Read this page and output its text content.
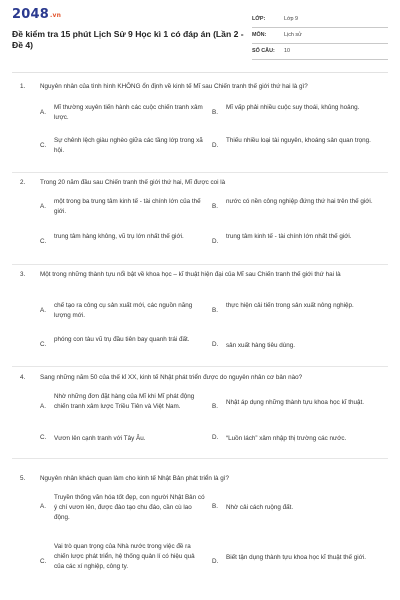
2048.vn
Đề kiểm tra 15 phút Lịch Sử 9 Học kì 1 có đáp án (Lần 2 - Đề 4)
LỚP:	Lớp 9
MÔN:	Lịch sử
SỐ CÂU: 10
1. Nguyên nhân của tình hình KHÔNG ổn định về kinh tế Mĩ sau Chiến tranh thế giới thứ hai là gì?
A.
Mĩ thường xuyên tiến hành các cuộc chiến tranh xâm lược.
B.
Mĩ vấp phải nhiều cuộc suy thoái, khủng hoảng.
C.
Sự chênh lệch giàu nghèo giữa các tầng lớp trong xã hội.
D.
Thiếu nhiều loại tài nguyên, khoáng sản quan trọng.
2. Trong 20 năm đầu sau Chiến tranh thế giới thứ hai, Mĩ được coi là
A.
một trong ba trung tâm kinh tế - tài chính lớn của thế giới.
B.
nước có nền công nghiệp đứng thứ hai trên thế giới.
C.
trung tâm hàng không, vũ trụ lớn nhất thế giới.
D.
trung tâm kinh tế - tài chính lớn nhất thế giới.
3. Một trong những thành tựu nổi bật về khoa học – kĩ thuật hiện đại của Mĩ sau Chiến tranh thế giới thứ hai là
A.
chế tạo ra công cụ sản xuất mới, các nguồn năng lượng mới.
B.
thực hiện cải tiến trong sản xuất nông nghiệp.
C.
phóng con tàu vũ trụ đầu tiên bay quanh trái đất.
D. sản xuất hàng tiêu dùng.
4. Sang những năm 50 của thế kỉ XX, kinh tế Nhật phát triển được do nguyên nhân cơ bản nào?
A.
Nhờ những đơn đặt hàng của Mĩ khi Mĩ phát động chiến tranh xâm lược Triều Tiên và Việt Nam.	B.
Nhật áp dụng những thành tựu khoa học kĩ thuật.
C. Vươn lên cạnh tranh với Tây Âu.	D. “Luồn lách” xâm nhập thị trường các nước.
5. Nguyên nhân khách quan làm cho kinh tế Nhật Bản phát triển là gì?
A.
Truyền thống văn hóa tốt đẹp, con người Nhật Bản có ý chí vươn lên, được đào tạo chu đáo, cần cù lao động.
B. Nhờ cải cách ruộng đất.
C.
Vai trò quan trọng của Nhà nước trong việc đề ra chiến lược phát triển, hệ thống quản lí có hiệu quả của các xí nghiệp, công ty.
D.
Biết tận dụng thành tựu khoa học kĩ thuật thế giới.
